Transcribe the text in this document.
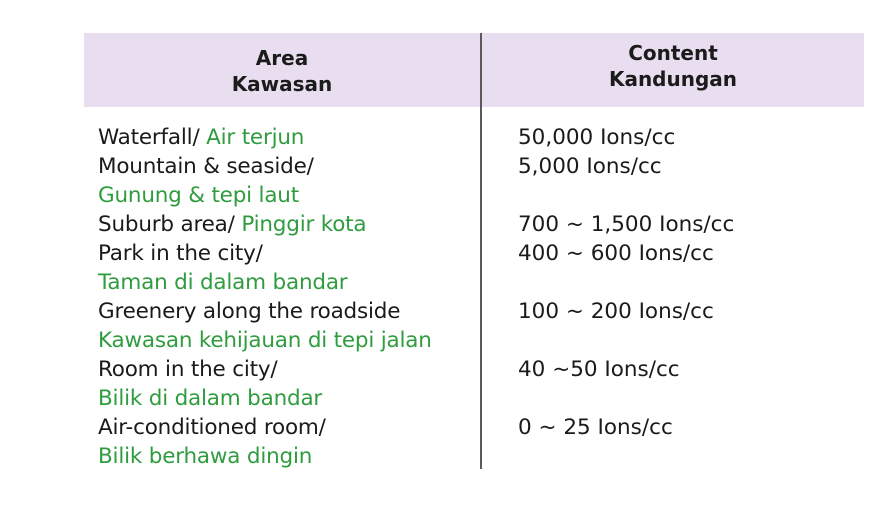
Area
Kawasan
Content
Kandungan
Waterfall/ Air terjun
Mountain & seaside/
Gunung & tepi laut
Suburb area/ Pinggir kota
Park in the city/
Taman di dalam bandar
Greenery along the roadside
Kawasan kehijauan di tepi jalan
Room in the city/
Bilik di dalam bandar
Air-conditioned room/
Bilik berhawa dingin
50,000 Ions/cc
5,000 Ions/cc
700 ~ 1,500 Ions/cc
400 ~ 600 Ions/cc
100 ~ 200 Ions/cc
40 ~50 Ions/cc
0 ~ 25 Ions/cc
